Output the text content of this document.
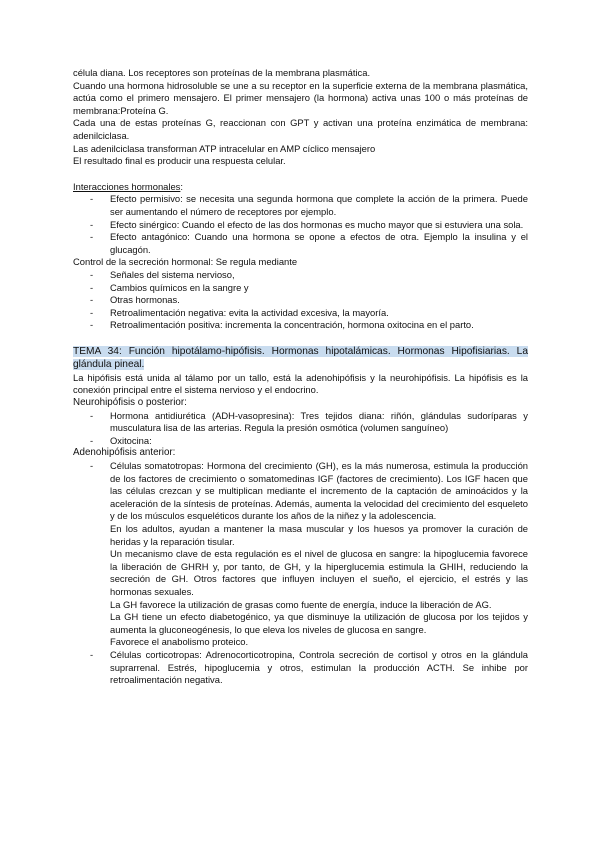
célula diana. Los receptores son proteínas de la membrana plasmática.

Cuando una hormona hidrosoluble se une a su receptor en la superficie externa de la membrana plasmática, actúa como el primero mensajero. El primer mensajero (la hormona) activa unas 100 o más proteínas de membrana:Proteína G.

Cada una de estas proteínas G, reaccionan con GPT y activan una proteína enzimática de membrana: adenilciclasa.

Las adenilciclasa transforman ATP intracelular en AMP cíclico mensajero

El resultado final es producir una respuesta celular.

Interacciones hormonales:

- Efecto permisivo: se necesita una segunda hormona que complete la acción de la primera. Puede ser aumentando el número de receptores por ejemplo.
- Efecto sinérgico: Cuando el efecto de las dos hormonas es mucho mayor que si estuviera una sola.
- Efecto antagónico: Cuando una hormona se opone a efectos de otra. Ejemplo la insulina y el glucagón.

Control de la secreción hormonal: Se regula mediante

- Señales del sistema nervioso,
- Cambios químicos en la sangre y
- Otras hormonas.
- Retroalimentación negativa: evita la actividad excesiva, la mayoría.
- Retroalimentación positiva: incrementa la concentración, hormona oxitocina en el parto.

TEMA 34: Función hipotálamo-hipófisis. Hormonas hipotalámicas. Hormonas Hipofisiarias. La glándula pineal.

La hipófisis está unida al tálamo por un tallo, está la adenohipófisis y la neurohipófisis. La hipófisis es la conexión principal entre el sistema nervioso y el endocrino.

Neurohipófisis o posterior:

- Hormona antidiurética (ADH-vasopresina): Tres tejidos diana: riñón, glándulas sudoríparas y musculatura lisa de las arterias. Regula la presión osmótica (volumen sanguíneo)
- Oxitocina:

Adenohipófisis anterior:

- Células somatotropas: Hormona del crecimiento (GH), es la más numerosa, estimula la producción de los factores de crecimiento o somatomedinas IGF (factores de crecimiento). Los IGF hacen que las células crezcan y se multiplican mediante el incremento de la captación de aminoácidos y la aceleración de la síntesis de proteínas. Además, aumenta la velocidad del crecimiento del esqueleto y de los músculos esqueléticos durante los años de la niñez y la adolescencia.

En los adultos, ayudan a mantener la masa muscular y los huesos ya promover la curación de heridas y la reparación tisular.

Un mecanismo clave de esta regulación es el nivel de glucosa en sangre: la hipoglucemia favorece la liberación de GHRH y, por tanto, de GH, y la hiperglucemia estimula la GHIH, reduciendo la secreción de GH. Otros factores que influyen incluyen el sueño, el ejercicio, el estrés y las hormonas sexuales.

La GH favorece la utilización de grasas como fuente de energía, induce la liberación de AG.

La GH tiene un efecto diabetogénico, ya que disminuye la utilización de glucosa por los tejidos y aumenta la gluconeogénesis, lo que eleva los niveles de glucosa en sangre.

Favorece el anabolismo proteico.

- Células corticotropas: Adrenocorticotropina, Controla secreción de cortisol y otros en la glándula suprarrenal. Estrés, hipoglucemia y otros, estimulan la producción ACTH. Se inhibe por retroalimentación negativa.
